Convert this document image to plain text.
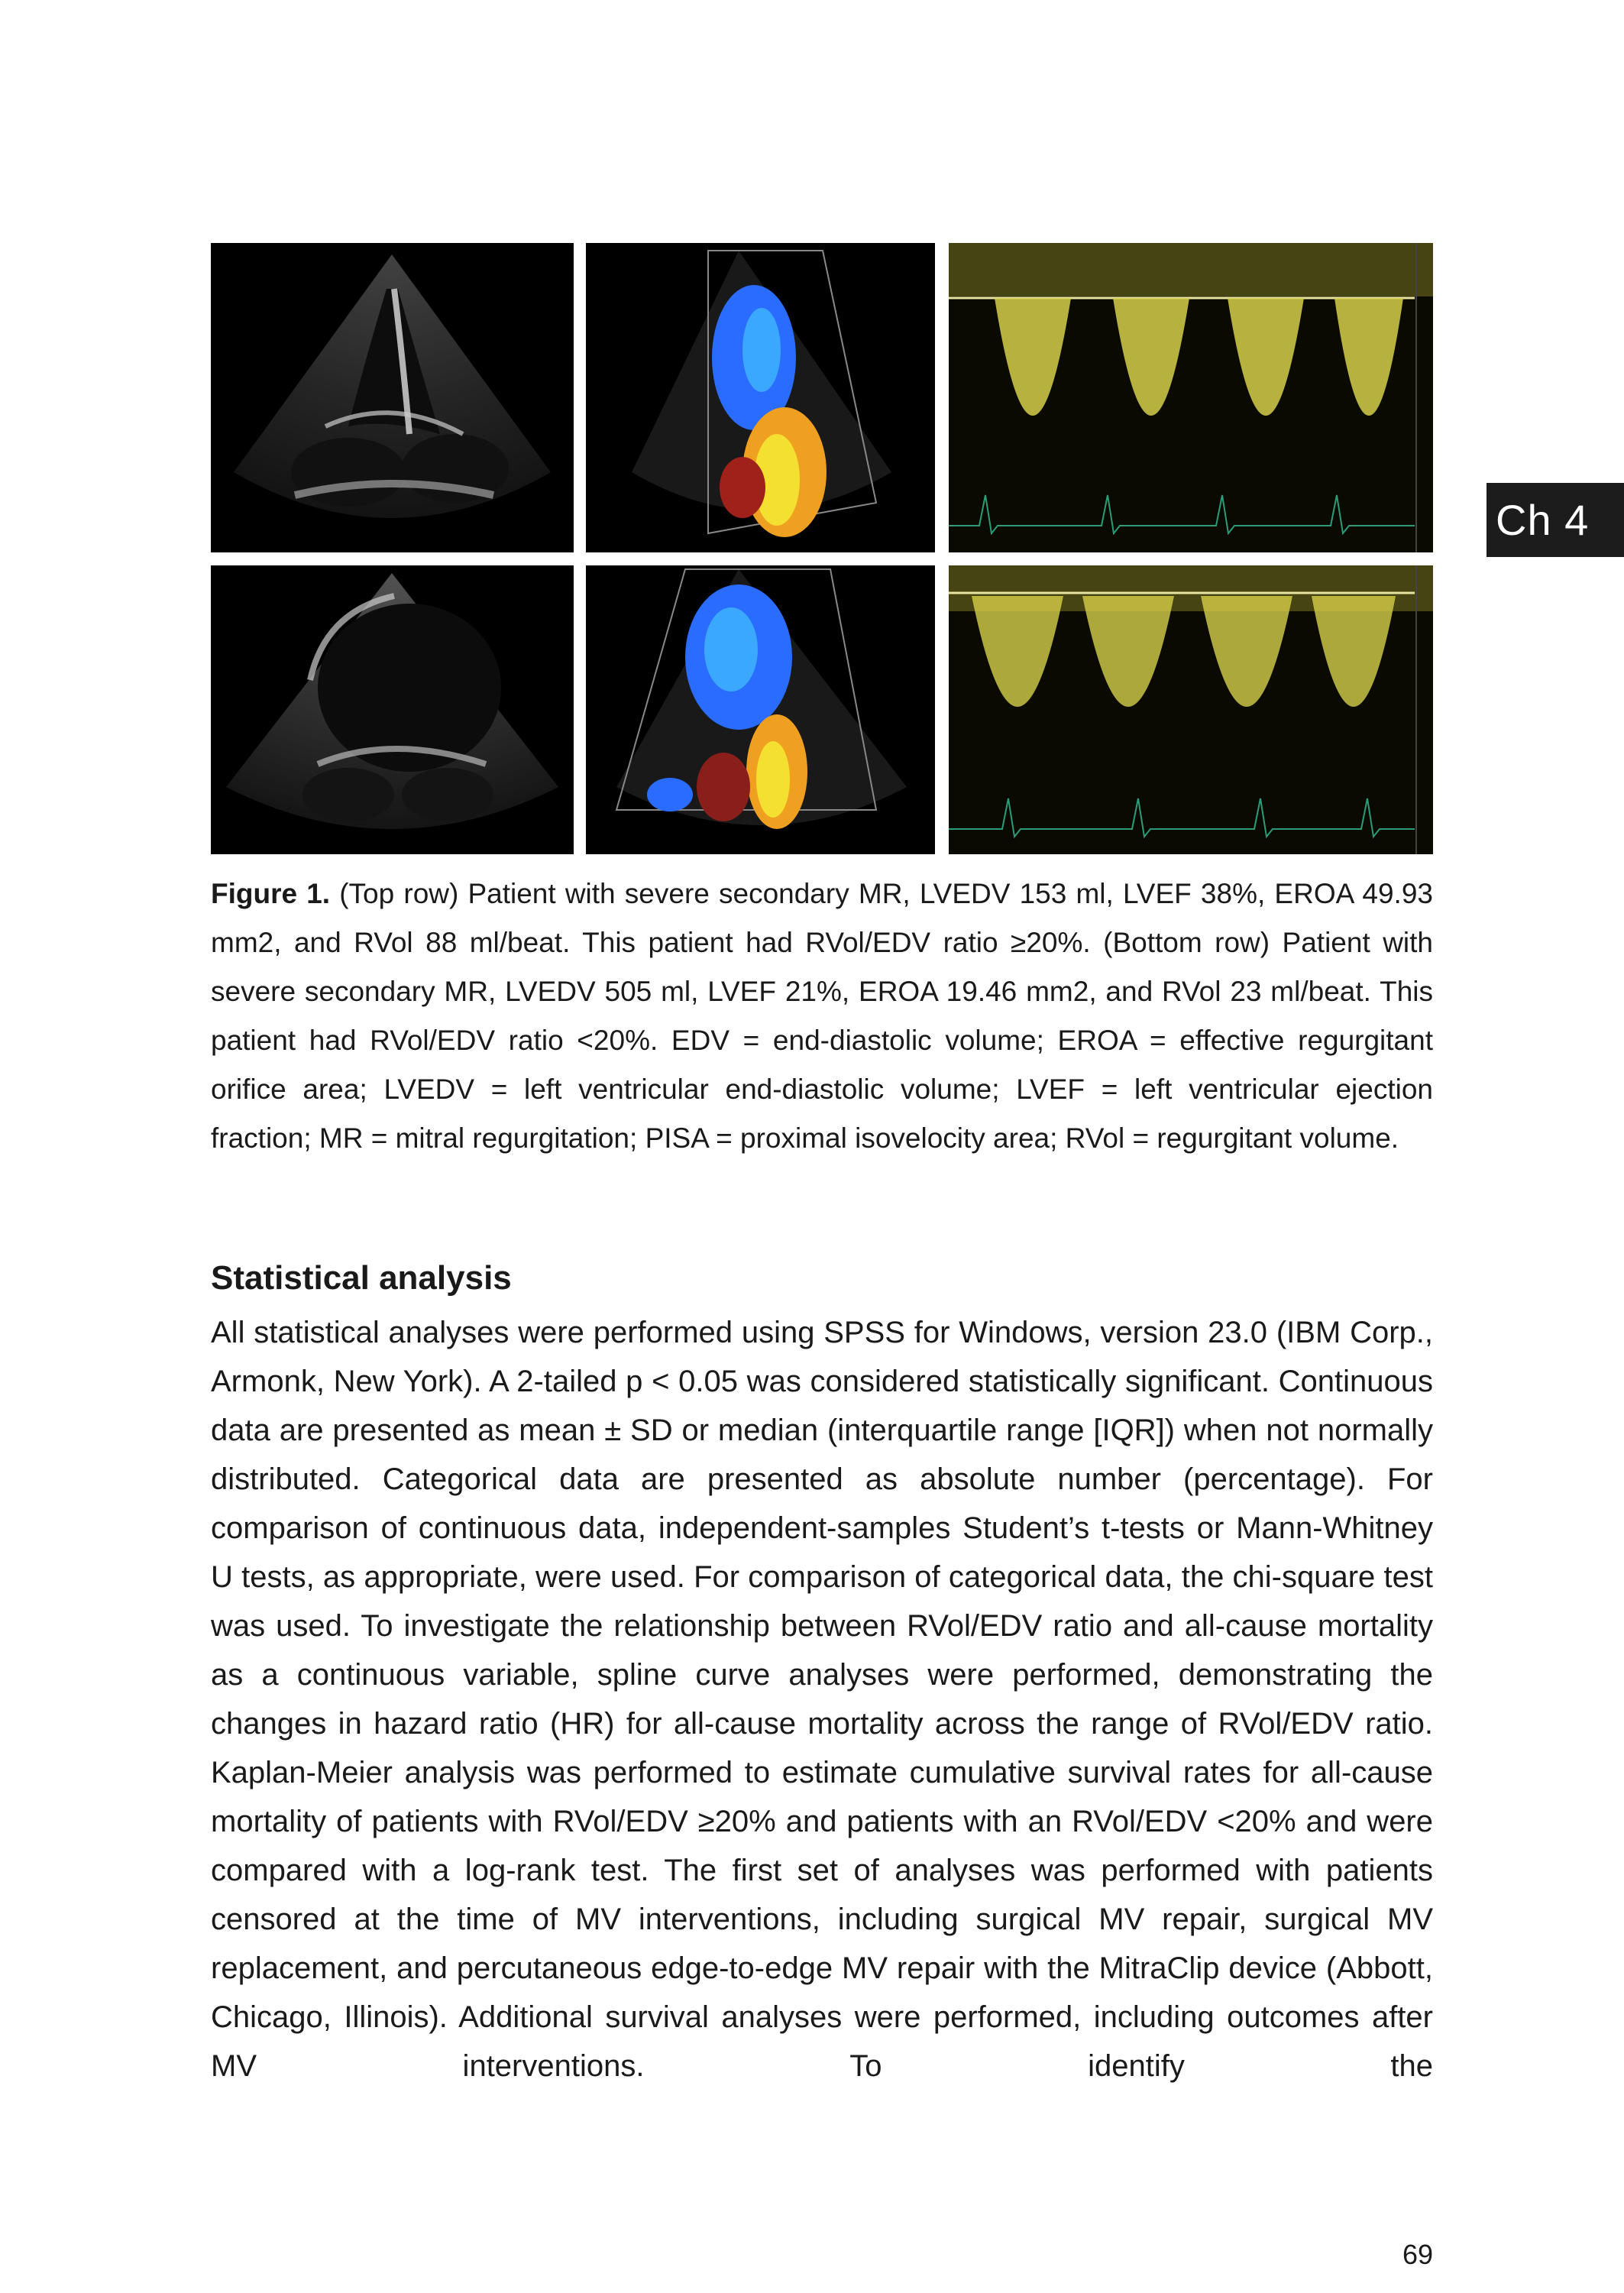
Ch 4

Figure 1. (Top row) Patient with severe secondary MR, LVEDV 153 ml, LVEF 38%, EROA 49.93 mm2, and RVol 88 ml/beat. This patient had RVol/EDV ratio ≥20%. (Bottom row) Patient with severe secondary MR, LVEDV 505 ml, LVEF 21%, EROA 19.46 mm2, and RVol 23 ml/beat. This patient had RVol/EDV ratio <20%. EDV = end-diastolic volume; EROA = effective regurgitant orifice area; LVEDV = left ventricular end-diastolic volume; LVEF = left ventricular ejection fraction; MR = mitral regurgitation; PISA = proximal isovelocity area; RVol = regurgitant volume.

Statistical analysis

All statistical analyses were performed using SPSS for Windows, version 23.0 (IBM Corp., Armonk, New York). A 2-tailed p < 0.05 was considered statistically significant. Continuous data are presented as mean ± SD or median (interquartile range [IQR]) when not normally distributed. Categorical data are presented as absolute number (percentage). For comparison of continuous data, independent-samples Student’s t-tests or Mann-Whitney U tests, as appropriate, were used. For comparison of categorical data, the chi-square test was used. To investigate the relationship between RVol/EDV ratio and all-cause mortality as a continuous variable, spline curve analyses were performed, demonstrating the changes in hazard ratio (HR) for all-cause mortality across the range of RVol/EDV ratio. Kaplan-Meier analysis was performed to estimate cumulative survival rates for all-cause mortality of patients with RVol/EDV ≥20% and patients with an RVol/EDV <20% and were compared with a log-rank test. The first set of analyses was performed with patients censored at the time of MV interventions, including surgical MV repair, surgical MV replacement, and percutaneous edge-to-edge MV repair with the MitraClip device (Abbott, Chicago, Illinois). Additional survival analyses were performed, including outcomes after MV interventions. To identify the

69
